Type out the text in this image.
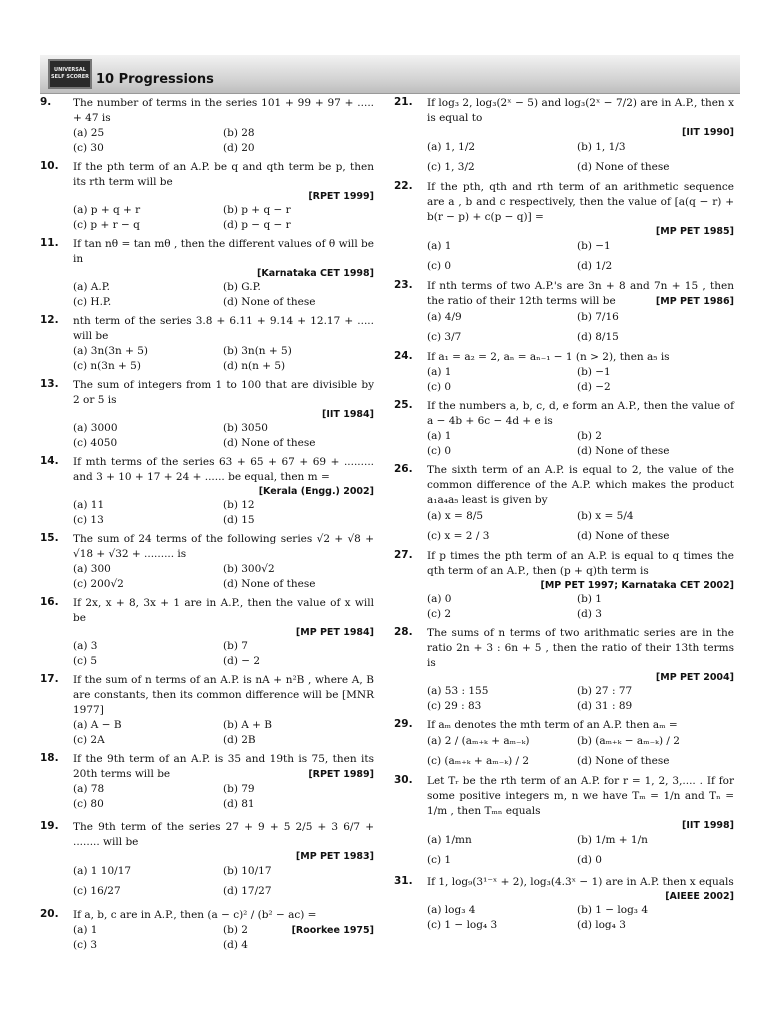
UNIVERSAL SELF SCORER 10 Progressions
9. The number of terms in the series 101 + 99 + 97 + ..... + 47 is
(a) 25	(b) 28
(c) 30	(d) 20
10. If the pth term of an A.P. be q and qth term be p, then its rth term will be
[RPET 1999]
(a) p + q + r	(b) p + q − r
(c) p + r − q	(d) p − q − r
11. If tan nθ = tan mθ , then the different values of θ will be in
[Karnataka CET 1998]
(a) A.P.	(b) G.P.
(c) H.P.	(d) None of these
12. nth term of the series 3.8 + 6.11 + 9.14 + 12.17 + ..... will be
(a) 3n(3n + 5)	(b) 3n(n + 5)
(c) n(3n + 5)	(d) n(n + 5)
13. The sum of integers from 1 to 100 that are divisible by 2 or 5 is
[IIT 1984]
(a) 3000	(b) 3050
(c) 4050	(d) None of these
14. If mth terms of the series 63 + 65 + 67 + 69 + ......... and 3 + 10 + 17 + 24 + ...... be equal, then m =
[Kerala (Engg.) 2002]
(a) 11	(b) 12
(c) 13	(d) 15
15. The sum of 24 terms of the following series √2 + √8 + √18 + √32 + ......... is
(a) 300	(b) 300√2
(c) 200√2	(d) None of these
16. If 2x, x + 8, 3x + 1 are in A.P., then the value of x will be
[MP PET 1984]
(a) 3	(b) 7
(c) 5	(d) − 2
17. If the sum of n terms of an A.P. is nA + n²B , where A, B are constants, then its common difference will be [MNR 1977]
(a) A − B	(b) A + B
(c) 2A	(d) 2B
18. If the 9th term of an A.P. is 35 and 19th is 75, then its 20th terms will be	[RPET 1989]
(a) 78	(b) 79
(c) 80	(d) 81
19. The 9th term of the series 27 + 9 + 5 2/5 + 3 6/7 + ........ will be
[MP PET 1983]
(a) 1 10/17	(b) 10/17
(c) 16/27	(d) 17/27
20. If a, b, c are in A.P., then (a − c)² / (b² − ac) =
[Roorkee 1975]
(a) 1	(b) 2
(c) 3	(d) 4
21. If log₃ 2, log₃(2ˣ − 5) and log₃(2ˣ − 7/2) are in A.P., then x is equal to
[IIT 1990]
(a) 1, 1/2	(b) 1, 1/3
(c) 1, 3/2	(d) None of these
22. If the pth, qth and rth term of an arithmetic sequence are a , b and c respectively, then the value of [a(q − r) + b(r − p) + c(p − q)] =
[MP PET 1985]
(a) 1	(b) −1
(c) 0	(d) 1/2
23. If nth terms of two A.P.'s are 3n + 8 and 7n + 15 , then the ratio of their 12th terms will be	[MP PET 1986]
(a) 4/9	(b) 7/16
(c) 3/7	(d) 8/15
24. If a₁ = a₂ = 2, aₙ = aₙ₋₁ − 1 (n > 2), then a₅ is
(a) 1	(b) −1
(c) 0	(d) −2
25. If the numbers a, b, c, d, e form an A.P., then the value of a − 4b + 6c − 4d + e is
(a) 1	(b) 2
(c) 0	(d) None of these
26. The sixth term of an A.P. is equal to 2, the value of the common difference of the A.P. which makes the product a₁a₄a₅ least is given by
(a) x = 8/5	(b) x = 5/4
(c) x = 2 / 3	(d) None of these
27. If p times the pth term of an A.P. is equal to q times the qth term of an A.P., then (p + q)th term is
[MP PET 1997; Karnataka CET 2002]
(a) 0	(b) 1
(c) 2	(d) 3
28. The sums of n terms of two arithmatic series are in the ratio 2n + 3 : 6n + 5 , then the ratio of their 13th terms is
[MP PET 2004]
(a) 53 : 155	(b) 27 : 77
(c) 29 : 83	(d) 31 : 89
29. If aₘ denotes the mth term of an A.P. then aₘ =
(a) 2 / (aₘ₊ₖ + aₘ₋ₖ)	(b) (aₘ₊ₖ − aₘ₋ₖ) / 2
(c) (aₘ₊ₖ + aₘ₋ₖ) / 2	(d) None of these
30. Let Tᵣ be the rth term of an A.P. for r = 1, 2, 3,.... . If for some positive integers m, n we have Tₘ = 1/n and Tₙ = 1/m , then Tₘₙ equals
[IIT 1998]
(a) 1/mn	(b) 1/m + 1/n
(c) 1	(d) 0
31. If 1, log₉(3¹⁻ˣ + 2), log₃(4.3ˣ − 1) are in A.P. then x equals
[AIEEE 2002]
(a) log₃ 4	(b) 1 − log₃ 4
(c) 1 − log₄ 3	(d) log₄ 3
